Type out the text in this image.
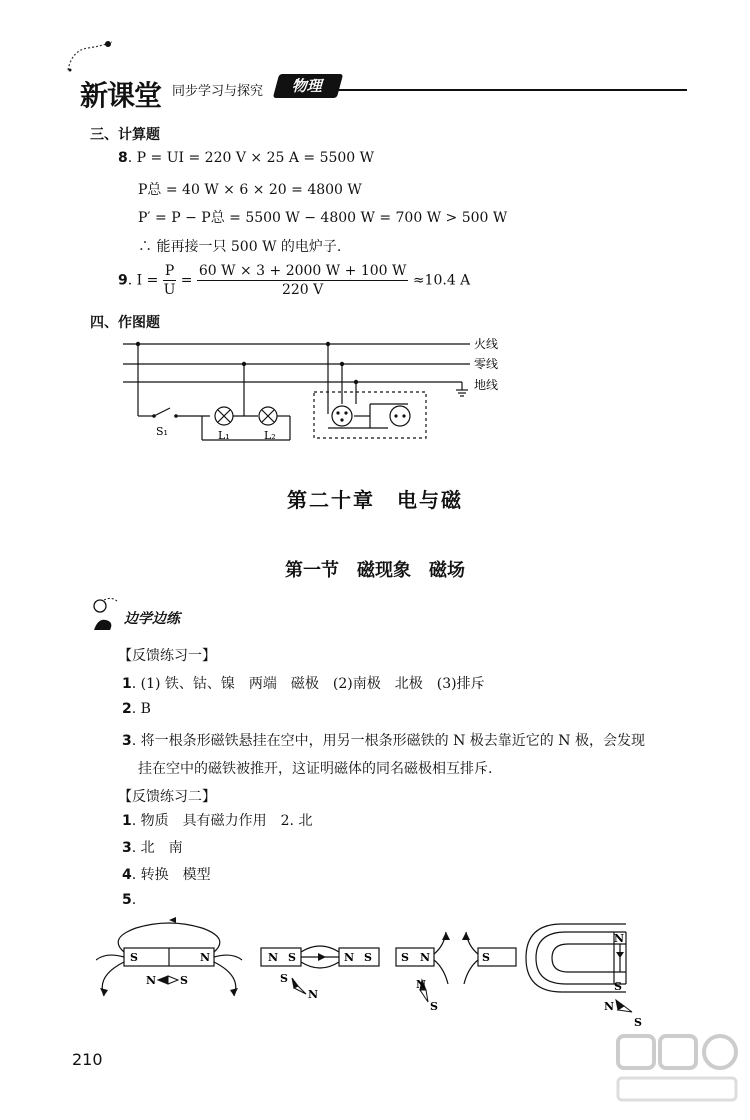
新课堂 同步学习与探究	物理
三、计算题
8. P = UI = 220 V × 25 A = 5500 W
P总 = 40 W × 6 × 20 = 4800 W
P′ = P − P总 = 5500 W − 4800 W = 700 W > 500 W
∴ 能再接一只 500 W 的电炉子.
9. $I = \frac{P}{U} = \frac{60 W \times 3 + 2000 W + 100 W}{220 V} \approx 10.4$ A
四、作图题
火线
零线
地线
S₁	L₁	L₂
第二十章　电与磁
第一节　磁现象　磁场
边学边练
【反馈练习一】
1. (1) 铁、钴、镍　两端　磁极　(2)南极　北极　(3)排斥
2. B
3. 将一根条形磁铁悬挂在空中，用另一根条形磁铁的 N 极去靠近它的 N 极，会发现
挂在空中的磁铁被推开，这证明磁体的同名磁极相互排斥.
【反馈练习二】
1. 物质　具有磁力作用　2. 北
3. 北　南
4. 转换　模型
5.
S	N
N S
N S	N S
S
N
S N	S
N
S
N
S
N
S
210
